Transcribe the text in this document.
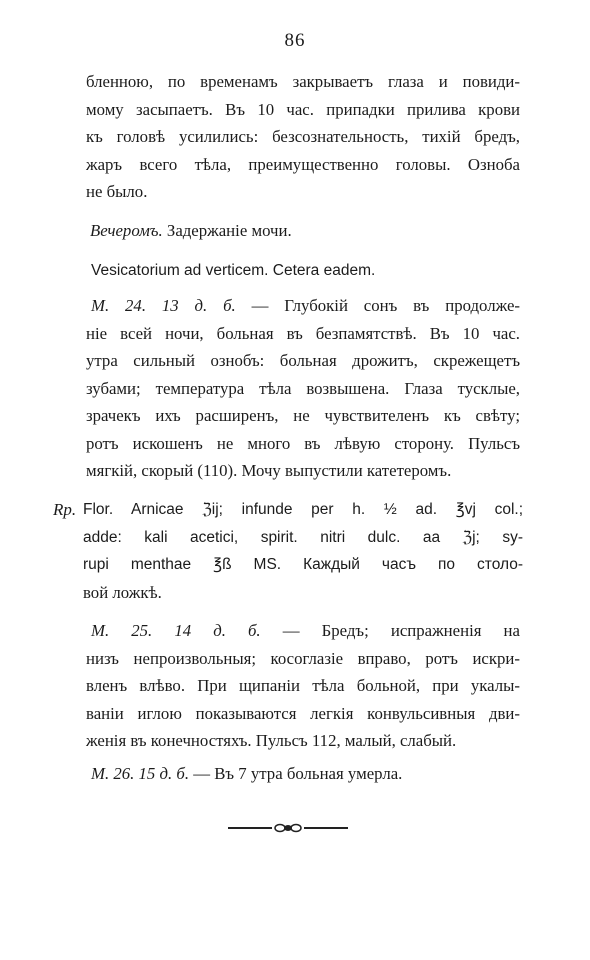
86

бленною, по временамъ закрываетъ глаза и повиди-
мому засыпаетъ. Въ 10 час. припадки прилива крови
къ головѣ усилились: безсознательность, тихій бредъ,
жаръ всего тѣла, преимущественно головы. Озноба
не было.

Вечеромъ. Задержаніе мочи.

Vesicatorium ad verticem. Cetera eadem.

М. 24. 13 д. б. — Глубокій сонъ въ продолже-
ніе всей ночи, больная въ безпамятствѣ. Въ 10 час.
утра сильный ознобъ: больная дрожитъ, скрежещетъ
зубами; температура тѣла возвышена. Глаза тусклые,
зрачекъ ихъ расширенъ, не чувствителенъ къ свѣту;
ротъ искошенъ не много въ лѣвую сторону. Пульсъ
мягкій, скорый (110). Мочу выпустили катетеромъ.

Rp. Flor. Arnicae ℨij; infunde per h. ½ ad. ℥vj col.;
adde: kali acetici, spirit. nitri dulc. aa ℨj; sy-
rupi menthae ℥ß MS. Каждый часъ по столо-
вой ложкѣ.

М. 25. 14 д. б. — Бредъ; испражненія на
низъ непроизвольныя; косоглазіе вправо, ротъ искри-
вленъ влѣво. При щипаніи тѣла больной, при укалы-
ваніи иглою показываются легкія конвульсивныя дви-
женія въ конечностяхъ. Пульсъ 112, малый, слабый.

М. 26. 15 д. б. — Въ 7 утра больная умерла.
